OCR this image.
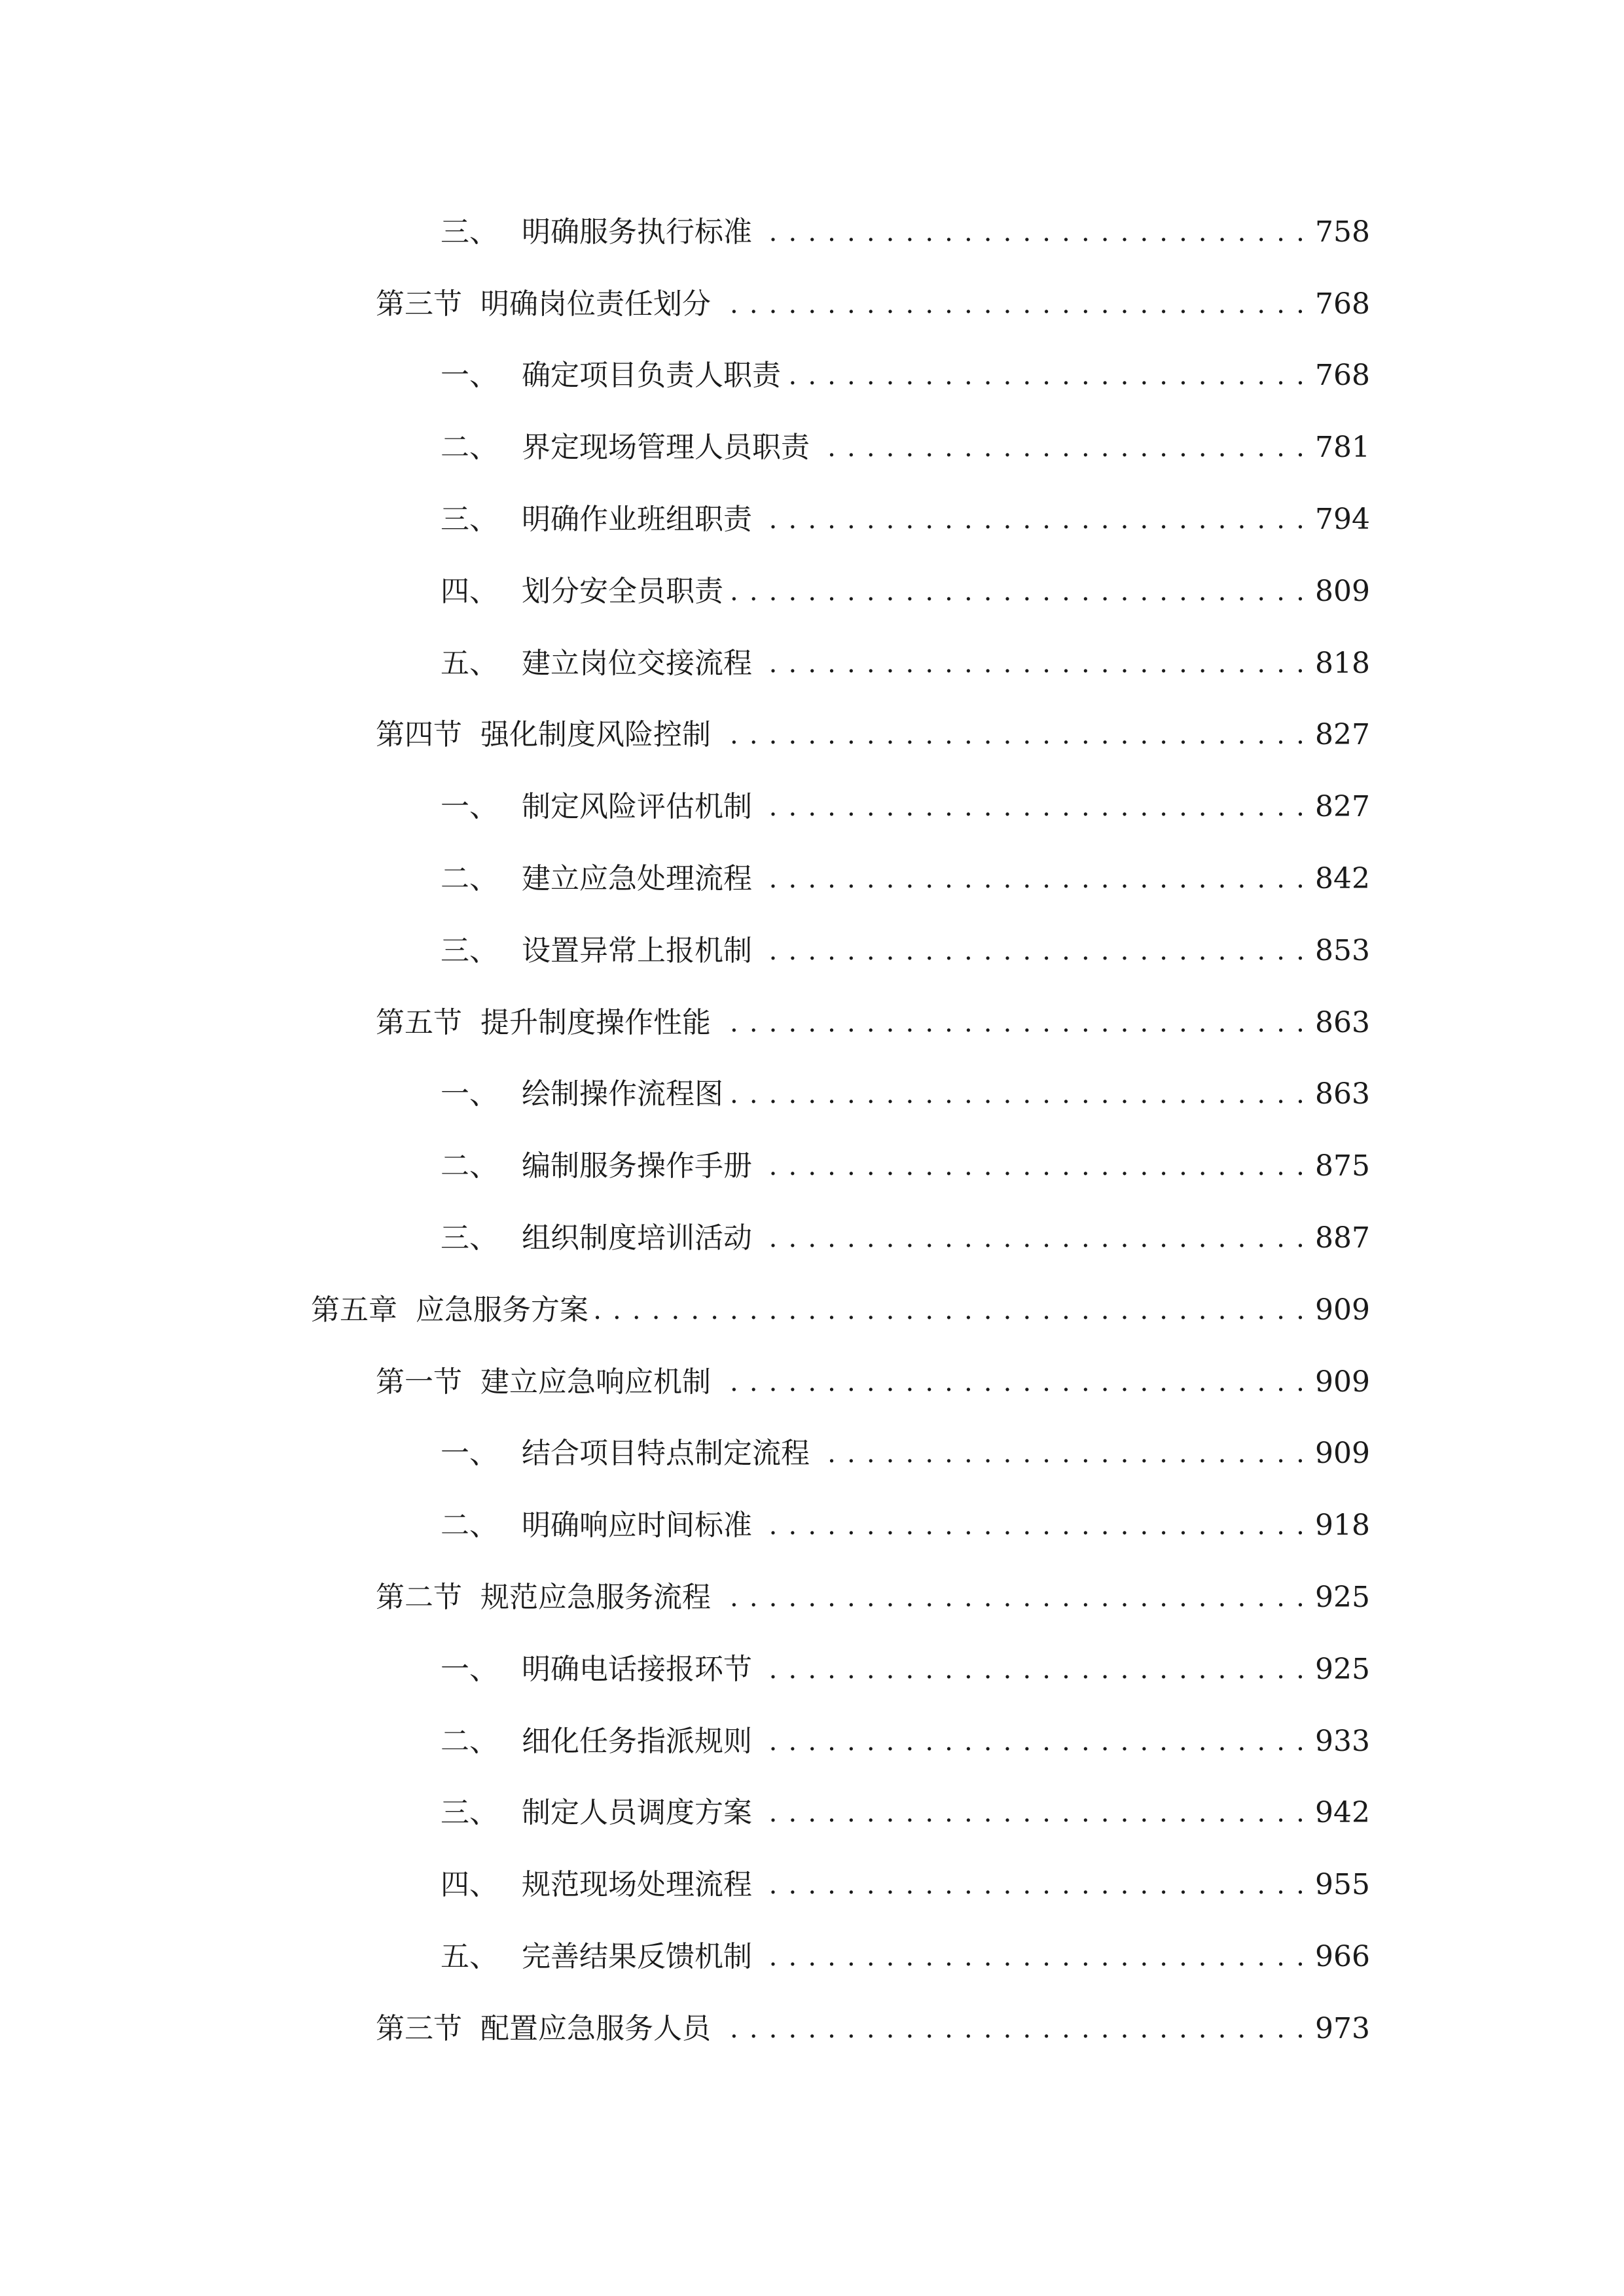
三、 明确服务执行标准 . . .	758
第三节 明确岗位责任划分 . . .	768
一、 确定项目负责人职责 . . .	768
二、 界定现场管理人员职责 . . .	781
三、 明确作业班组职责 . . .	794
四、 划分安全员职责 . . .	809
五、 建立岗位交接流程 . . .	818
第四节 强化制度风险控制 . . .	827
一、 制定风险评估机制 . . .	827
二、 建立应急处理流程 . . .	842
三、 设置异常上报机制 . . .	853
第五节 提升制度操作性能 . . .	863
一、 绘制操作流程图 . . .	863
二、 编制服务操作手册 . . .	875
三、 组织制度培训活动 . . .	887
第五章 应急服务方案 . . .	909
第一节 建立应急响应机制 . . .	909
一、 结合项目特点制定流程 . . .	909
二、 明确响应时间标准 . . .	918
第二节 规范应急服务流程 . . .	925
一、 明确电话接报环节 . . .	925
二、 细化任务指派规则 . . .	933
三、 制定人员调度方案 . . .	942
四、 规范现场处理流程 . . .	955
五、 完善结果反馈机制 . . .	966
第三节 配置应急服务人员 . . .	973
